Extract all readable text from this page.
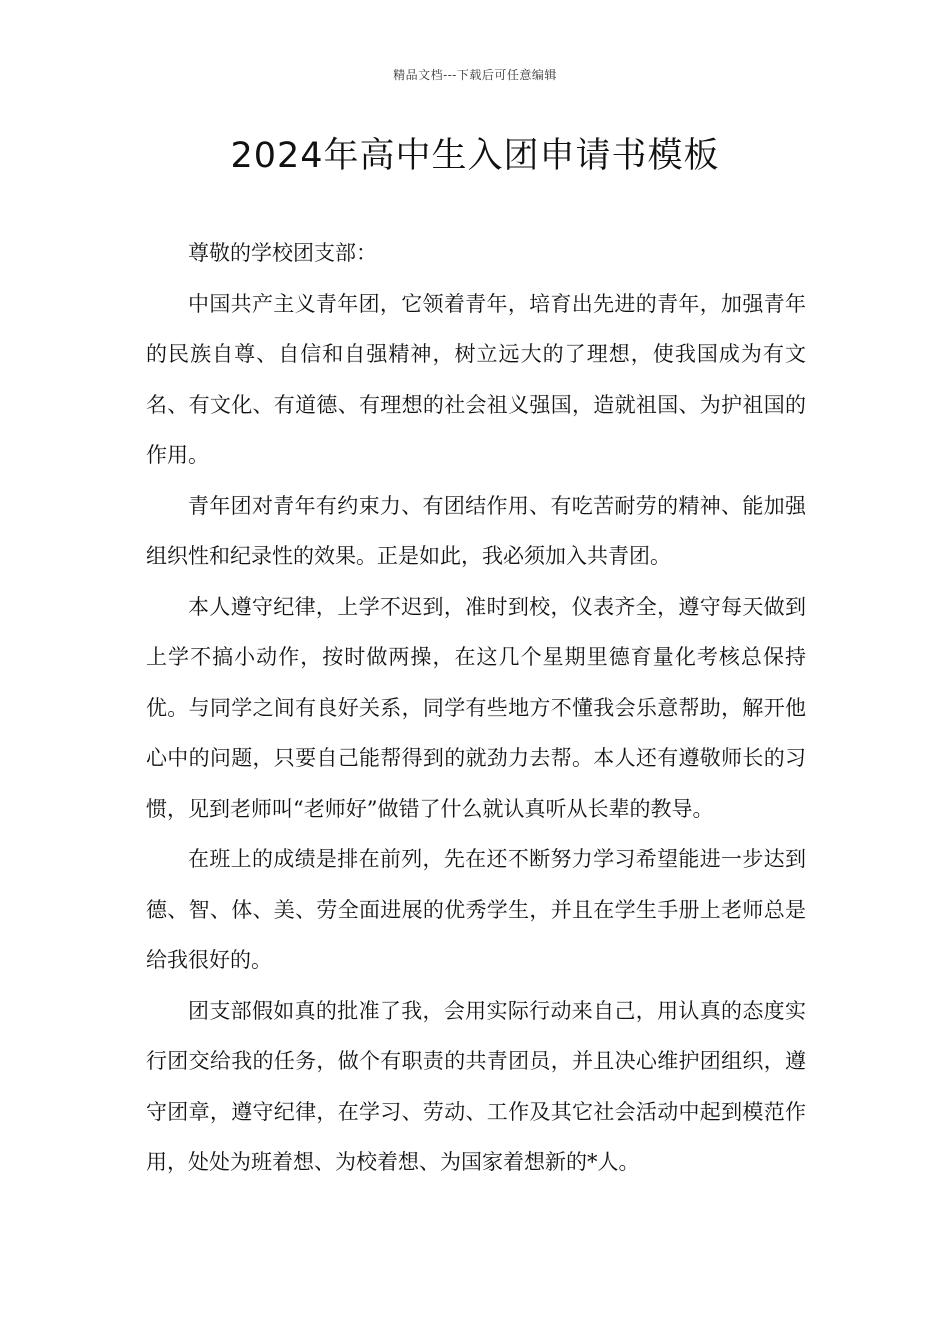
精品文档---下载后可任意编辑
2024年高中生入团申请书模板

尊敬的学校团支部：

中国共产主义青年团，它领着青年，培育出先进的青年，加强青年的民族自尊、自信和自强精神，树立远大的了理想，使我国成为有文名、有文化、有道德、有理想的社会祖义强国，造就祖国、为护祖国的作用。

青年团对青年有约束力、有团结作用、有吃苦耐劳的精神、能加强组织性和纪录性的效果。正是如此，我必须加入共青团。

本人遵守纪律，上学不迟到，准时到校，仪表齐全，遵守每天做到上学不搞小动作，按时做两操，在这几个星期里德育量化考核总保持优。与同学之间有良好关系，同学有些地方不懂我会乐意帮助，解开他心中的问题，只要自己能帮得到的就劲力去帮。本人还有遵敬师长的习惯，见到老师叫“老师好”做错了什么就认真听从长辈的教导。

在班上的成绩是排在前列，先在还不断努力学习希望能进一步达到德、智、体、美、劳全面进展的优秀学生，并且在学生手册上老师总是给我很好的。

团支部假如真的批准了我，会用实际行动来自己，用认真的态度实行团交给我的任务，做个有职责的共青团员，并且决心维护团组织，遵守团章，遵守纪律，在学习、劳动、工作及其它社会活动中起到模范作用，处处为班着想、为校着想、为国家着想新的*人。
